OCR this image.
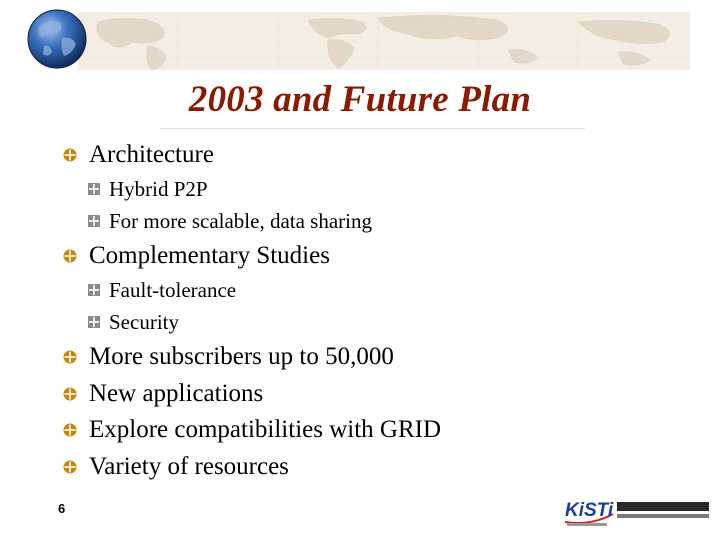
2003 and Future Plan
Architecture
Hybrid P2P
For more scalable, data sharing
Complementary Studies
Fault-tolerance
Security
More subscribers up to 50,000
New applications
Explore compatibilities with GRID
Variety of resources
6	KiSTi
